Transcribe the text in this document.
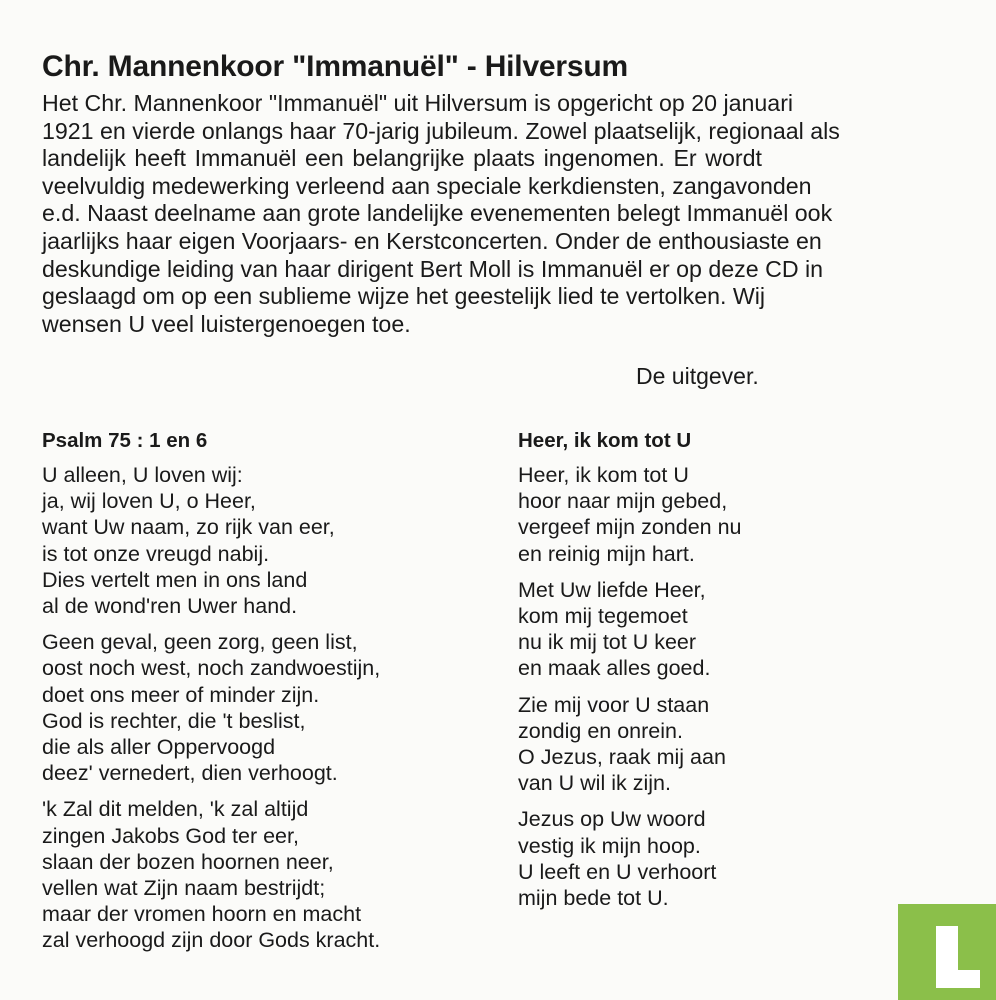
Chr. Mannenkoor "Immanuël" - Hilversum
Het Chr. Mannenkoor "Immanuël" uit Hilversum is opgericht op 20 januari
1921 en vierde onlangs haar 70-jarig jubileum. Zowel plaatselijk, regionaal als
landelijk heeft Immanuël een belangrijke plaats ingenomen. Er wordt
veelvuldig medewerking verleend aan speciale kerkdiensten, zangavonden
e.d. Naast deelname aan grote landelijke evenementen belegt Immanuël ook
jaarlijks haar eigen Voorjaars- en Kerstconcerten. Onder de enthousiaste en
deskundige leiding van haar dirigent Bert Moll is Immanuël er op deze CD in
geslaagd om op een sublieme wijze het geestelijk lied te vertolken. Wij
wensen U veel luistergenoegen toe.
De uitgever.
Psalm 75 : 1 en 6
U alleen, U loven wij:
ja, wij loven U, o Heer,
want Uw naam, zo rijk van eer,
is tot onze vreugd nabij.
Dies vertelt men in ons land
al de wond'ren Uwer hand.
Geen geval, geen zorg, geen list,
oost noch west, noch zandwoestijn,
doet ons meer of minder zijn.
God is rechter, die 't beslist,
die als aller Oppervoogd
deez' vernedert, dien verhoogt.
'k Zal dit melden, 'k zal altijd
zingen Jakobs God ter eer,
slaan der bozen hoornen neer,
vellen wat Zijn naam bestrijdt;
maar der vromen hoorn en macht
zal verhoogd zijn door Gods kracht.
Heer, ik kom tot U
Heer, ik kom tot U
hoor naar mijn gebed,
vergeef mijn zonden nu
en reinig mijn hart.
Met Uw liefde Heer,
kom mij tegemoet
nu ik mij tot U keer
en maak alles goed.
Zie mij voor U staan
zondig en onrein.
O Jezus, raak mij aan
van U wil ik zijn.
Jezus op Uw woord
vestig ik mijn hoop.
U leeft en U verhoort
mijn bede tot U.
